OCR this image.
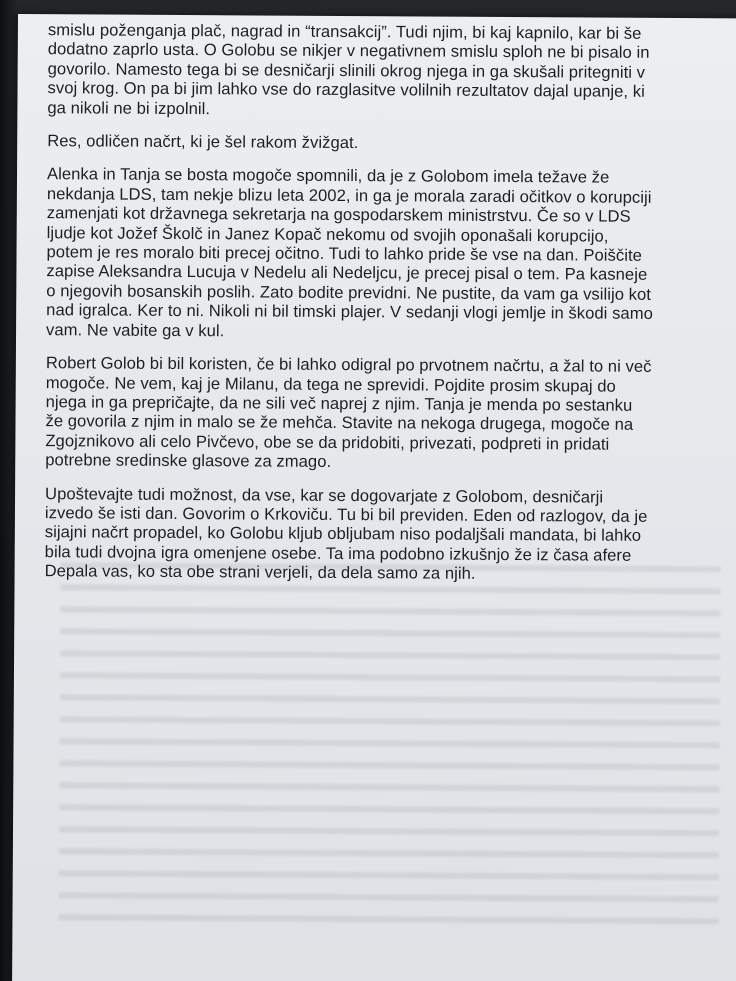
smislu poženganja plač, nagrad in “transakcij”. Tudi njim, bi kaj kapnilo, kar bi še
dodatno zaprlo usta. O Golobu se nikjer v negativnem smislu sploh ne bi pisalo in
govorilo. Namesto tega bi se desničarji slinili okrog njega in ga skušali pritegniti v
svoj krog. On pa bi jim lahko vse do razglasitve volilnih rezultatov dajal upanje, ki
ga nikoli ne bi izpolnil.

Res, odličen načrt, ki je šel rakom žvižgat.

Alenka in Tanja se bosta mogoče spomnili, da je z Golobom imela težave že
nekdanja LDS, tam nekje blizu leta 2002, in ga je morala zaradi očitkov o korupciji
zamenjati kot državnega sekretarja na gospodarskem ministrstvu. Če so v LDS
ljudje kot Jožef Školč in Janez Kopač nekomu od svojih oponašali korupcijo,
potem je res moralo biti precej očitno. Tudi to lahko pride še vse na dan. Poiščite
zapise Aleksandra Lucuja v Nedelu ali Nedeljcu, je precej pisal o tem. Pa kasneje
o njegovih bosanskih poslih. Zato bodite previdni. Ne pustite, da vam ga vsilijo kot
nad igralca. Ker to ni. Nikoli ni bil timski plajer. V sedanji vlogi jemlje in škodi samo
vam. Ne vabite ga v kul.

Robert Golob bi bil koristen, če bi lahko odigral po prvotnem načrtu, a žal to ni več
mogoče. Ne vem, kaj je Milanu, da tega ne sprevidi. Pojdite prosim skupaj do
njega in ga prepričajte, da ne sili več naprej z njim. Tanja je menda po sestanku
že govorila z njim in malo se že mehča. Stavite na nekoga drugega, mogoče na
Zgojznikovo ali celo Pivčevo, obe se da pridobiti, privezati, podpreti in pridati
potrebne sredinske glasove za zmago.

Upoštevajte tudi možnost, da vse, kar se dogovarjate z Golobom, desničarji
izvedo še isti dan. Govorim o Krkoviču. Tu bi bil previden. Eden od razlogov, da je
sijajni načrt propadel, ko Golobu kljub obljubam niso podaljšali mandata, bi lahko
bila tudi dvojna igra omenjene osebe. Ta ima podobno izkušnjo že iz časa afere
Depala vas, ko sta obe strani verjeli, da dela samo za njih.
